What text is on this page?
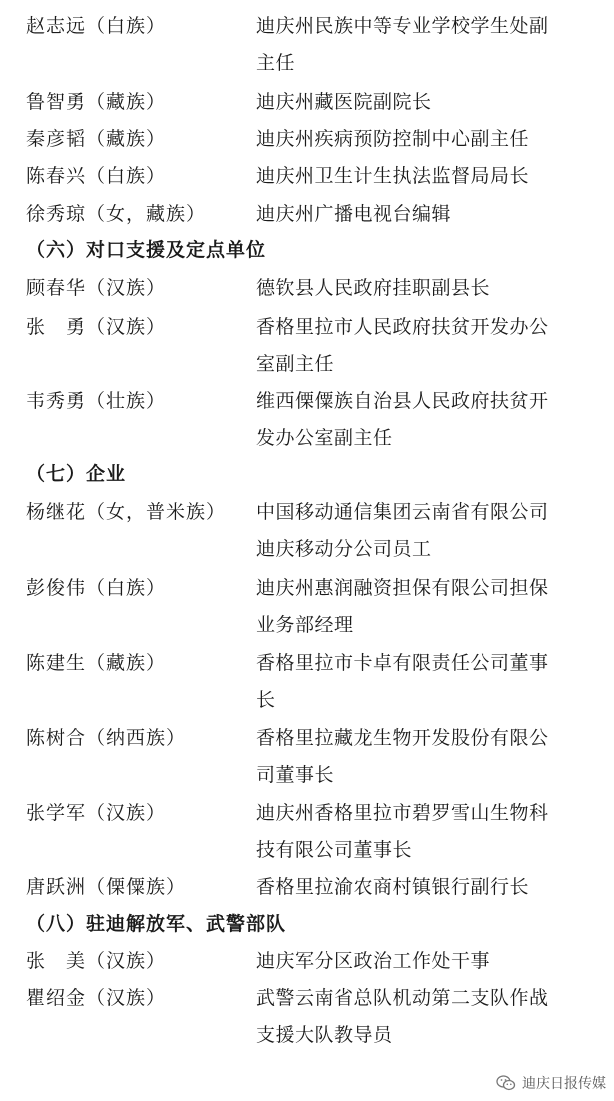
赵志远（白族）	迪庆州民族中等专业学校学生处副主任
鲁智勇（藏族）	迪庆州藏医院副院长
秦彦韬（藏族）	迪庆州疾病预防控制中心副主任
陈春兴（白族）	迪庆州卫生计生执法监督局局长
徐秀琼（女，藏族）	迪庆州广播电视台编辑
（六）对口支援及定点单位
顾春华（汉族）	德钦县人民政府挂职副县长
张　勇（汉族）	香格里拉市人民政府扶贫开发办公室副主任
韦秀勇（壮族）	维西傈僳族自治县人民政府扶贫开发办公室副主任
（七）企业
杨继花（女，普米族） 中国移动通信集团云南省有限公司迪庆移动分公司员工
彭俊伟（白族）	迪庆州惠润融资担保有限公司担保业务部经理
陈建生（藏族）	香格里拉市卡卓有限责任公司董事长
陈树合（纳西族）	香格里拉藏龙生物开发股份有限公司董事长
张学军（汉族）	迪庆州香格里拉市碧罗雪山生物科技有限公司董事长
唐跃洲（傈僳族）	香格里拉渝农商村镇银行副行长
（八）驻迪解放军、武警部队
张　美（汉族）	迪庆军分区政治工作处干事
瞿绍金（汉族）	武警云南省总队机动第二支队作战支援大队教导员
迪庆日报传媒
